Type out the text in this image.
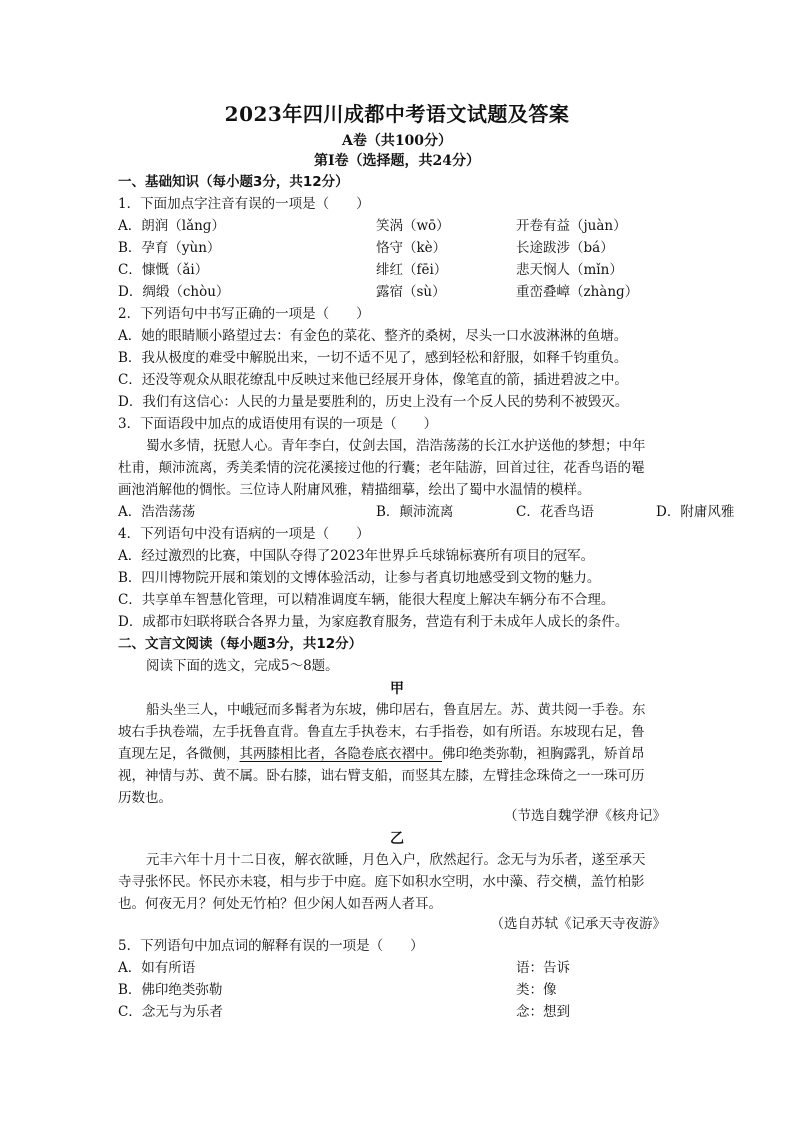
2023年四川成都中考语文试题及答案
A卷（共100分）
第Ⅰ卷（选择题，共24分）
一、基础知识（每小题3分，共12分）
1．下面加点字注音有误的一项是（　　）
A．朗润（lǎnɡ）	笑涡（wō）	开卷有益（juàn）
B．孕育（yùn）	恪守（kè）	长途跋涉（bá）
C．慷慨（ǎi）	绯红（fēi）	悲天悯人（mǐn）
D．绸缎（chòu）	露宿（sù）	重峦叠嶂（zhànɡ）
2．下列语句中书写正确的一项是（　　）
A．她的眼睛顺小路望过去：有金色的菜花、整齐的桑树，尽头一口水波淋淋的鱼塘。
B．我从极度的难受中解脱出来，一切不适不见了，感到轻松和舒服，如释千钧重负。
C．还没等观众从眼花缭乱中反映过来他已经展开身体，像笔直的箭，插进碧波之中。
D．我们有这信心：人民的力量是要胜利的，历史上没有一个反人民的势利不被毁灭。
3．下面语段中加点的成语使用有误的一项是（　　）
蜀水多情，抚慰人心。青年李白，仗剑去国，浩浩荡荡的长江水护送他的梦想；中年
杜甫，颠沛流离，秀美柔情的浣花溪接过他的行囊；老年陆游，回首过往，花香鸟语的罨
画池消解他的惆怅。三位诗人附庸风雅，精描细摹，绘出了蜀中水温情的模样。
A．浩浩荡荡	B．颠沛流离	C．花香鸟语	D．附庸风雅
4．下列语句中没有语病的一项是（　　）
A．经过激烈的比赛，中国队夺得了2023年世界乒乓球锦标赛所有项目的冠军。
B．四川博物院开展和策划的文博体验活动，让参与者真切地感受到文物的魅力。
C．共享单车智慧化管理，可以精准调度车辆，能很大程度上解决车辆分布不合理。
D．成都市妇联将联合各界力量，为家庭教育服务，营造有利于未成年人成长的条件。
二、文言文阅读（每小题3分，共12分）
阅读下面的选文，完成5～8题。
甲
船头坐三人，中峨冠而多髯者为东坡，佛印居右，鲁直居左。苏、黄共阅一手卷。东
坡右手执卷端，左手抚鲁直背。鲁直左手执卷末，右手指卷，如有所语。东坡现右足，鲁
直现左足，各微侧，其两膝相比者，各隐卷底衣褶中。佛印绝类弥勒，袒胸露乳，矫首昂
视，神情与苏、黄不属。卧右膝，诎右臂支船，而竖其左膝，左臂挂念珠倚之一一珠可历
历数也。
（节选自魏学洢《核舟记》
乙
元丰六年十月十二日夜，解衣欲睡，月色入户，欣然起行。念无与为乐者，遂至承天
寺寻张怀民。怀民亦未寝，相与步于中庭。庭下如积水空明，水中藻、荇交横，盖竹柏影
也。何夜无月？何处无竹柏？但少闲人如吾两人者耳。
（选自苏轼《记承天寺夜游》
5．下列语句中加点词的解释有误的一项是（　　）
A．如有所语	语：告诉
B．佛印绝类弥勒	类：像
C．念无与为乐者	念：想到
